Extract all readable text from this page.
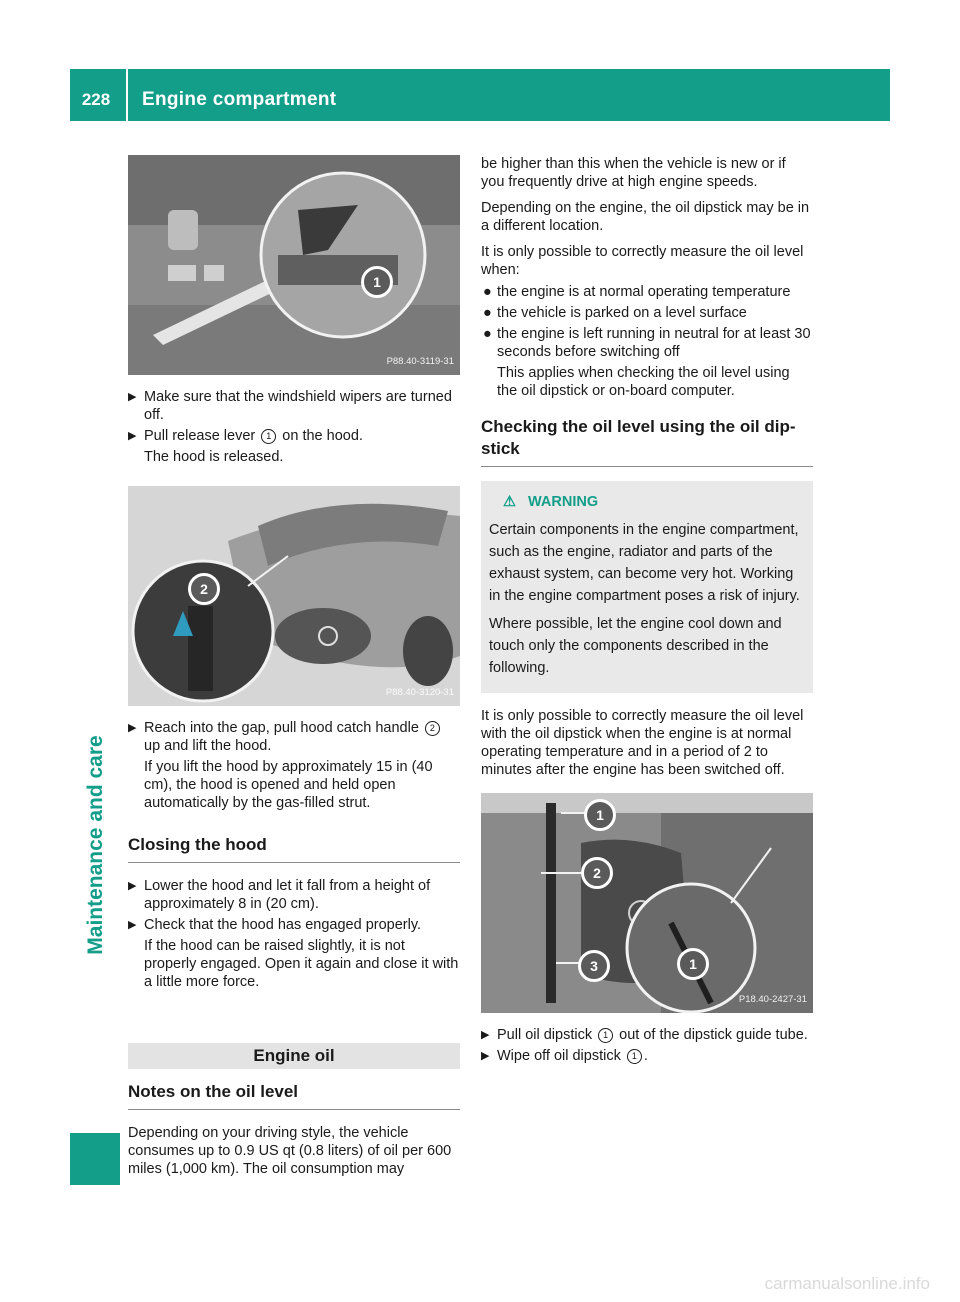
228	Engine compartment
Maintenance and care
1
P88.40-3119-31
▶ Make sure that the windshield wipers are turned off.
▶ Pull release lever 1 on the hood.
The hood is released.
2
P88.40-3120-31
▶ Reach into the gap, pull hood catch handle 2 up and lift the hood.
If you lift the hood by approximately 15 in (40 cm), the hood is opened and held open automatically by the gas-filled strut.
Closing the hood
▶ Lower the hood and let it fall from a height of approximately 8 in (20 cm).
▶ Check that the hood has engaged properly.
If the hood can be raised slightly, it is not properly engaged. Open it again and close it with a little more force.
Engine oil
Notes on the oil level
Depending on your driving style, the vehicle consumes up to 0.9 US qt (0.8 liters) of oil per 600 miles (1,000 km). The oil consumption may
be higher than this when the vehicle is new or if you frequently drive at high engine speeds.
Depending on the engine, the oil dipstick may be in a different location.
It is only possible to correctly measure the oil level when:
● the engine is at normal operating temperature
● the vehicle is parked on a level surface
● the engine is left running in neutral for at least 30 seconds before switching off
This applies when checking the oil level using the oil dipstick or on-board computer.
Checking the oil level using the oil dipstick
⚠ WARNING

Certain components in the engine compartment, such as the engine, radiator and parts of the exhaust system, can become very hot. Working in the engine compartment poses a risk of injury.

Where possible, let the engine cool down and touch only the components described in the following.

It is only possible to correctly measure the oil level with the oil dipstick when the engine is at normal operating temperature and in a period of 2 to minutes after the engine has been switched off.
1
2
3	1
P18.40-2427-31
▶ Pull oil dipstick 1 out of the dipstick guide tube.
▶ Wipe off oil dipstick 1 .
carmanualsonline.info
